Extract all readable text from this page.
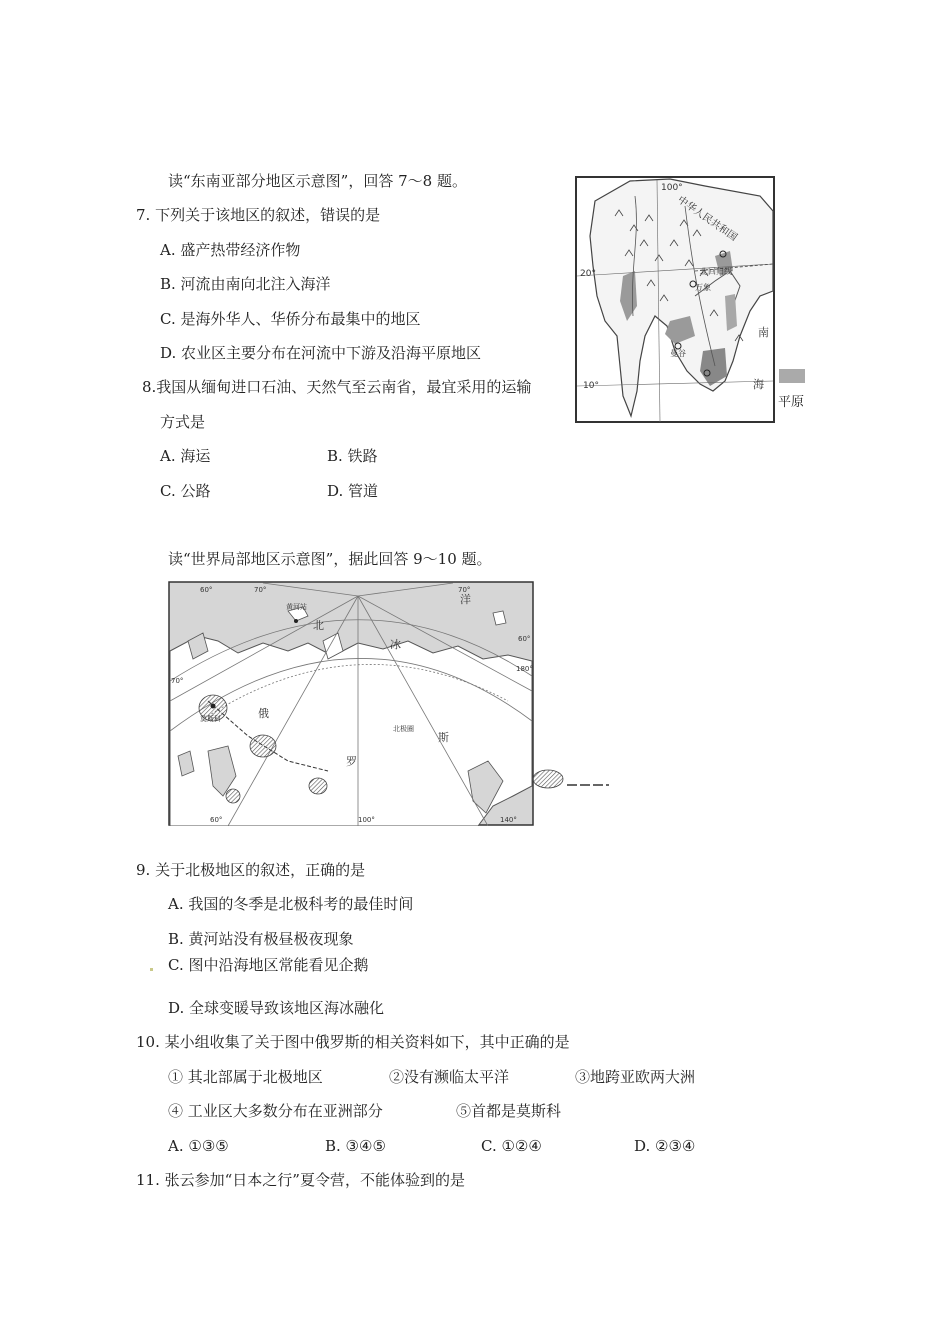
读“东南亚部分地区示意图”，回答 7～8 题。
7. 下列关于该地区的叙述，错误的是
A. 盛产热带经济作物
B. 河流由南向北注入海洋
C. 是海外华人、华侨分布最集中的地区
D. 农业区主要分布在河流中下游及沿海平原地区
8.我国从缅甸进口石油、天然气至云南省，最宜采用的运输
方式是
A. 海运	B. 铁路
C. 公路	D. 管道
100°
20°
10°
北回归线
万象
曼谷
南
海
中华人民共和国
平原
读“世界局部地区示意图”，据此回答 9～10 题。
60°	70°	70°
60°
180°
70°
黄河站
北
冰
洋
莫斯科	俄
罗
斯
北极圈
60°	100°	140°
9. 关于北极地区的叙述，正确的是
A. 我国的冬季是北极科考的最佳时间
B. 黄河站没有极昼极夜现象
C. 图中沿海地区常能看见企鹅
D. 全球变暖导致该地区海冰融化
10. 某小组收集了关于图中俄罗斯的相关资料如下，其中正确的是
① 其北部属于北极地区	②没有濒临太平洋	③地跨亚欧两大洲
④ 工业区大多数分布在亚洲部分	⑤首都是莫斯科
A. ①③⑤	B. ③④⑤	C. ①②④	D. ②③④
11. 张云参加“日本之行”夏令营，不能体验到的是
